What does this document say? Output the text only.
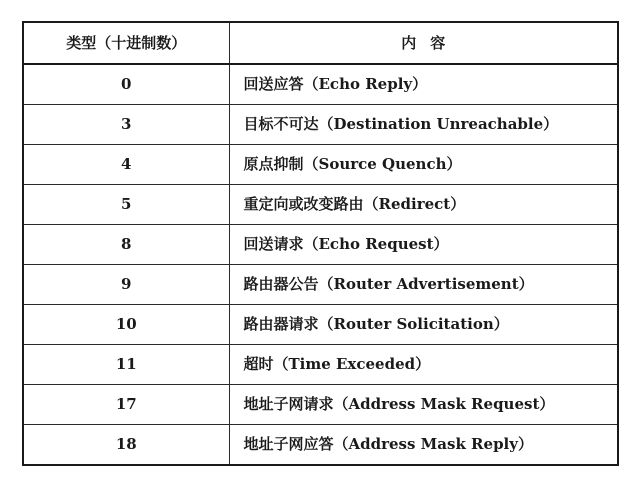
类型（十进制数）	内容
0	回送应答（Echo Reply）
3	目标不可达（Destination Unreachable）
4	原点抑制（Source Quench）
5	重定向或改变路由（Redirect）
8	回送请求（Echo Request）
9	路由器公告（Router Advertisement）
10	路由器请求（Router Solicitation）
11	超时（Time Exceeded）
17	地址子网请求（Address Mask Request）
18	地址子网应答（Address Mask Reply）
